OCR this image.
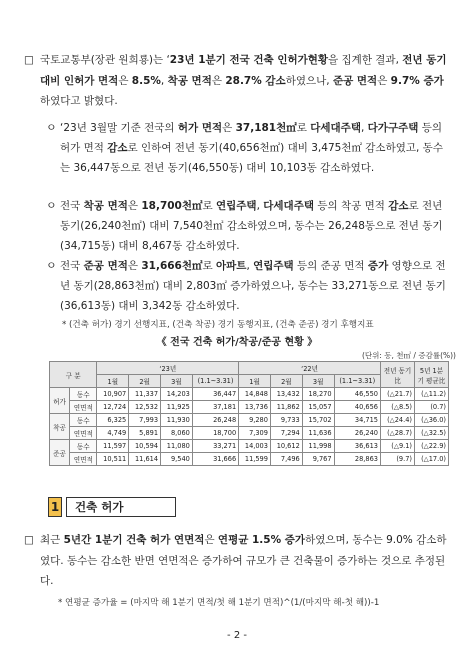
□ 국토교통부(장관 원희룡)는 ‘23년 1분기 전국 건축 인허가현황을 집계한 결과, 전년 동기 대비 인허가 면적은 8.5%, 착공 면적은 28.7% 감소하였으나, 준공 면적은 9.7% 증가하였다고 밝혔다.
ㅇ ‘23년 3월말 기준 전국의 허가 면적은 37,181천㎡로 다세대주택, 다가구주택 등의 허가 면적 감소로 인하여 전년 동기(40,656천㎡) 대비 3,475천㎡ 감소하였고, 동수는 36,447동으로 전년 동기(46,550동) 대비 10,103동 감소하였다.
ㅇ 전국 착공 면적은 18,700천㎡로 연립주택, 다세대주택 등의 착공 면적 감소로 전년 동기(26,240천㎡) 대비 7,540천㎡ 감소하였으며, 동수는 26,248동으로 전년 동기(34,715동) 대비 8,467동 감소하였다.
ㅇ 전국 준공 면적은 31,666천㎡로 아파트, 연립주택 등의 준공 면적 증가 영향으로 전년 동기(28,863천㎡) 대비 2,803㎡ 증가하였으나, 동수는 33,271동으로 전년 동기(36,613동) 대비 3,342동 감소하였다.
* (건축 허가) 경기 선행지표, (건축 착공) 경기 동행지표, (건축 준공) 경기 후행지표
《 전국 건축 허가/착공/준공 현황 》
(단위: 동, 천㎡ / 증감률(%))
구 분		‘23년				‘22년				전년 동기比	5년 1분기 평균比
		1월	2월	3월	(1.1~3.31)	1월	2월	3월	(1.1~3.31)		
허가	동수	10,907	11,337	14,203	36,447	14,848	13,432	18,270	46,550	(△21.7)	(△11.2)
	연면적	12,724	12,532	11,925	37,181	13,736	11,862	15,057	40,656	(△8.5)	(0.7)
착공	동수	6,325	7,993	11,930	26,248	9,280	9,733	15,702	34,715	(△24.4)	(△36.0)
	연면적	4,749	5,891	8,060	18,700	7,309	7,294	11,636	26,240	(△28.7)	(△32.5)
준공	동수	11,597	10,594	11,080	33,271	14,003	10,612	11,998	36,613	(△9.1)	(△22.9)
	연면적	10,511	11,614	9,540	31,666	11,599	7,496	9,767	28,863	(9.7)	(△17.0)
1	건축 허가
□ 최근 5년간 1분기 건축 허가 연면적은 연평균 1.5% 증가하였으며, 동수는 9.0% 감소하였다. 동수는 감소한 반면 연면적은 증가하여 규모가 큰 건축물이 증가하는 것으로 추정된다.
* 연평균 증가율 = (마지막 해 1분기 면적/첫 해 1분기 면적)^(1/(마지막 해-첫 해))-1
- 2 -
